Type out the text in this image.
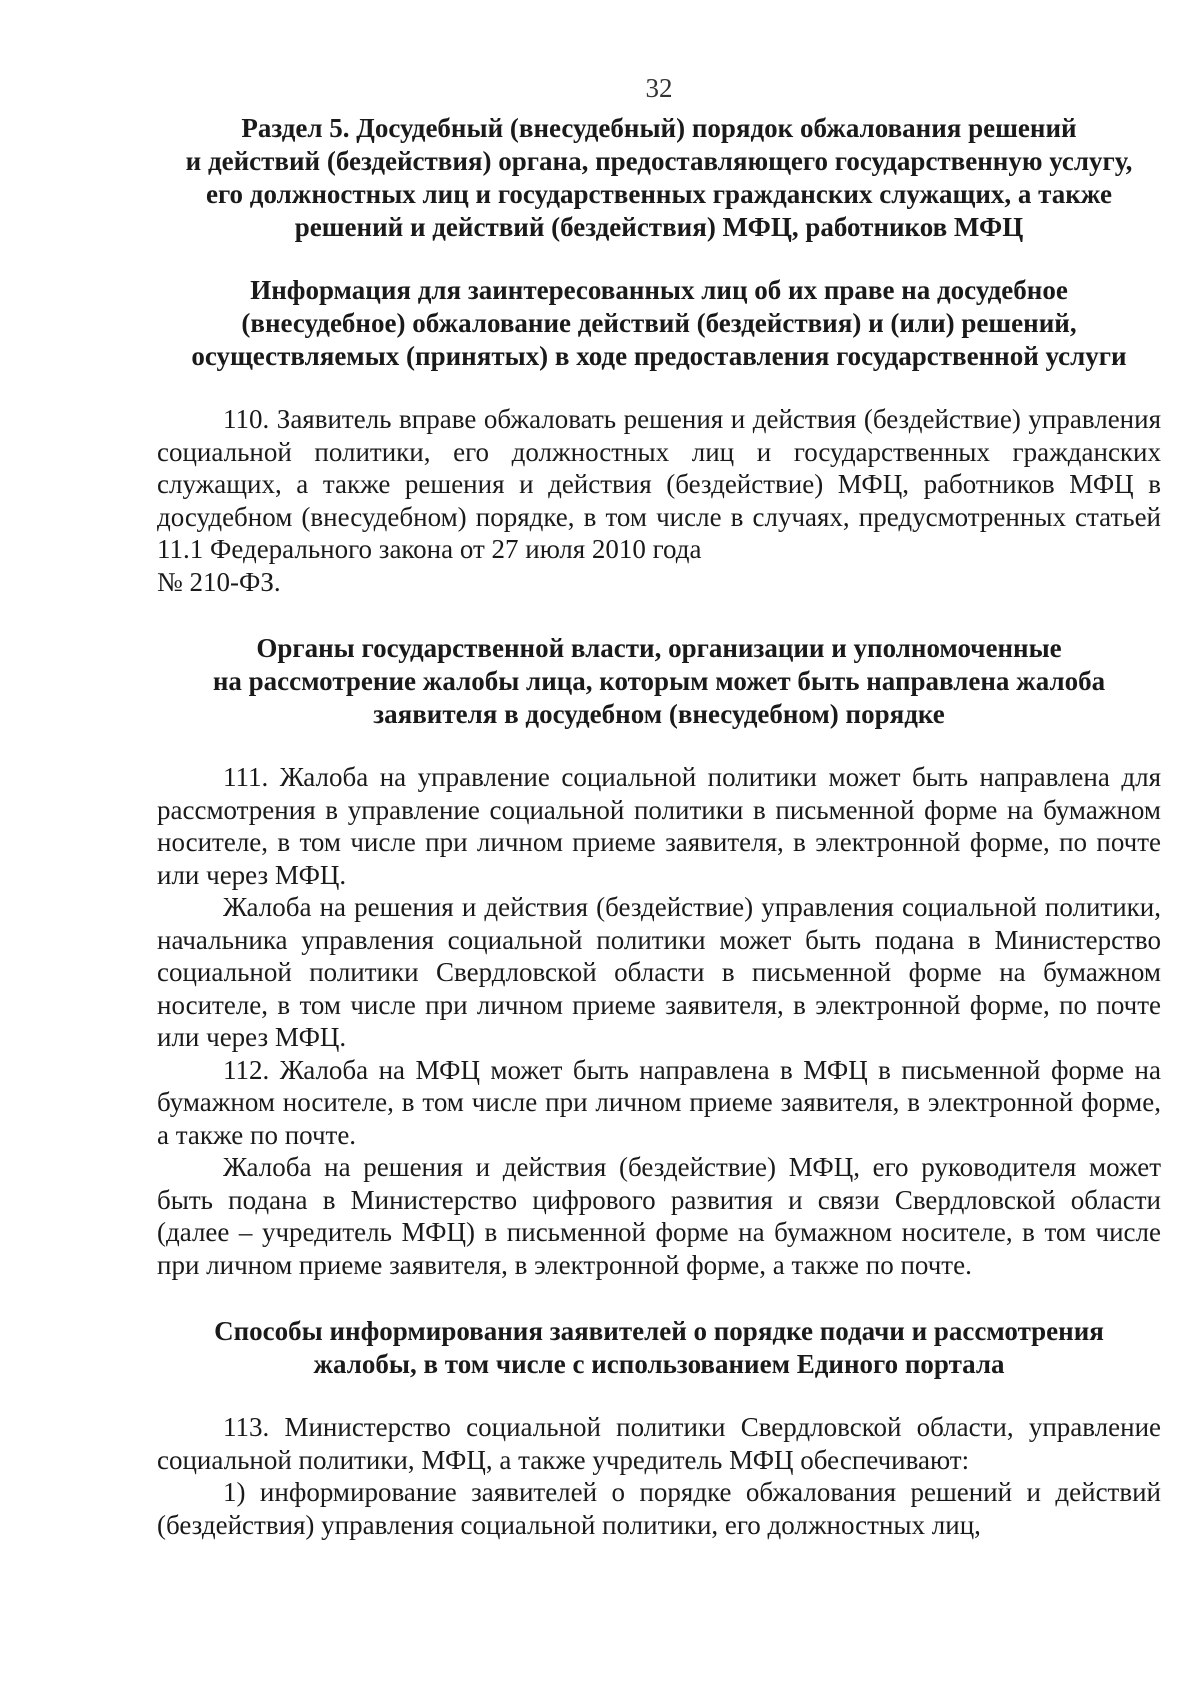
32
Раздел 5. Досудебный (внесудебный) порядок обжалования решений
и действий (бездействия) органа, предоставляющего государственную услугу,
его должностных лиц и государственных гражданских служащих, а также
решений и действий (бездействия) МФЦ, работников МФЦ
Информация для заинтересованных лиц об их праве на досудебное
(внесудебное) обжалование действий (бездействия) и (или) решений,
осуществляемых (принятых) в ходе предоставления государственной услуги

110. Заявитель вправе обжаловать решения и действия (бездействие) управления социальной политики, его должностных лиц и государственных гражданских служащих, а также решения и действия (бездействие) МФЦ, работников МФЦ в досудебном (внесудебном) порядке, в том числе в случаях, предусмотренных статьей 11.1 Федерального закона от 27 июля 2010 года

№ 210-ФЗ.

Органы государственной власти, организации и уполномоченные
на рассмотрение жалобы лица, которым может быть направлена жалоба
заявителя в досудебном (внесудебном) порядке

111. Жалоба на управление социальной политики может быть направлена для рассмотрения в управление социальной политики в письменной форме на бумажном носителе, в том числе при личном приеме заявителя, в электронной форме, по почте или через МФЦ.

Жалоба на решения и действия (бездействие) управления социальной политики, начальника управления социальной политики может быть подана в Министерство социальной политики Свердловской области в письменной форме на бумажном носителе, в том числе при личном приеме заявителя, в электронной форме, по почте или через МФЦ.

112. Жалоба на МФЦ может быть направлена в МФЦ в письменной форме на бумажном носителе, в том числе при личном приеме заявителя, в электронной форме, а также по почте.

Жалоба на решения и действия (бездействие) МФЦ, его руководителя может быть подана в Министерство цифрового развития и связи Свердловской области (далее – учредитель МФЦ) в письменной форме на бумажном носителе, в том числе при личном приеме заявителя, в электронной форме, а также по почте.

Способы информирования заявителей о порядке подачи и рассмотрения
жалобы, в том числе с использованием Единого портала

113. Министерство социальной политики Свердловской области, управление социальной политики, МФЦ, а также учредитель МФЦ обеспечивают:

1) информирование заявителей о порядке обжалования решений и действий (бездействия) управления социальной политики, его должностных лиц,
